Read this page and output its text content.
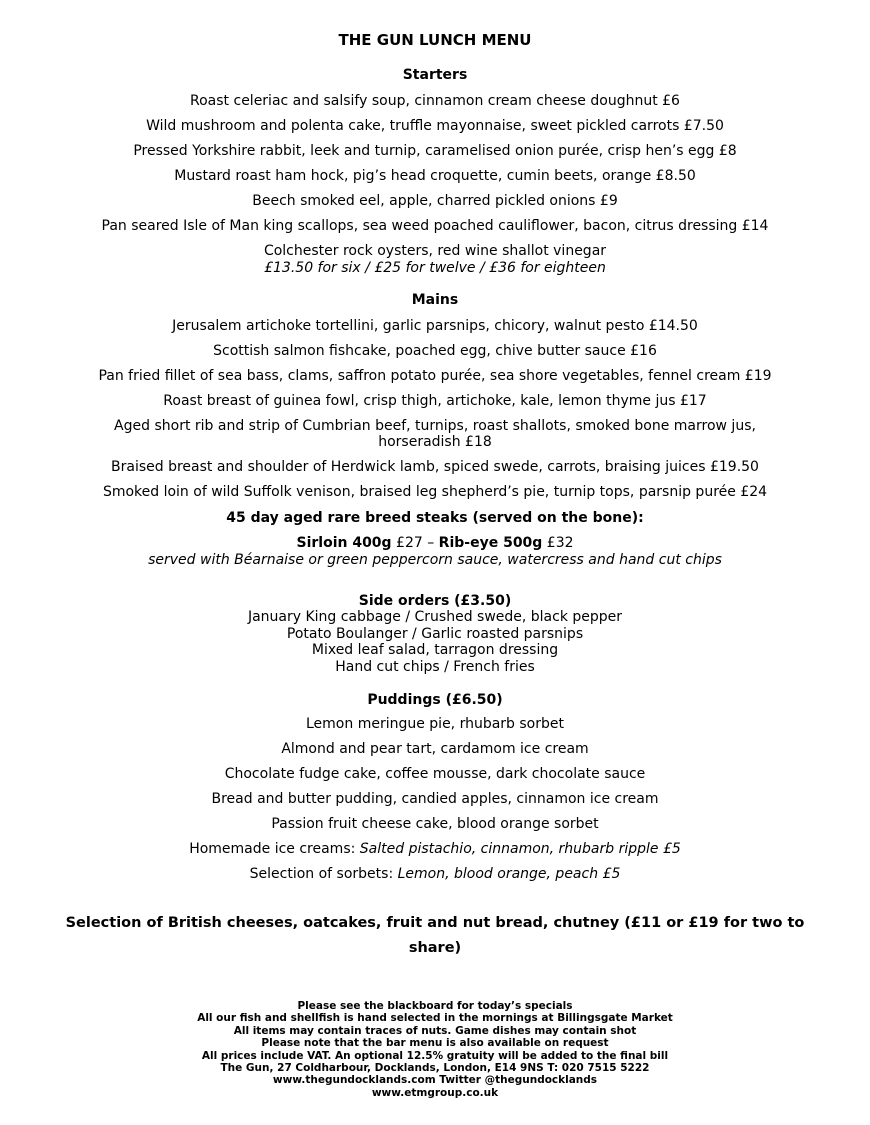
THE GUN LUNCH MENU
Starters
Roast celeriac and salsify soup, cinnamon cream cheese doughnut £6
Wild mushroom and polenta cake, truffle mayonnaise, sweet pickled carrots £7.50
Pressed Yorkshire rabbit, leek and turnip, caramelised onion purée, crisp hen’s egg £8
Mustard roast ham hock, pig’s head croquette, cumin beets, orange £8.50
Beech smoked eel, apple, charred pickled onions £9
Pan seared Isle of Man king scallops, sea weed poached cauliflower, bacon, citrus dressing £14
Colchester rock oysters, red wine shallot vinegar
£13.50 for six / £25 for twelve / £36 for eighteen
Mains
Jerusalem artichoke tortellini, garlic parsnips, chicory, walnut pesto £14.50
Scottish salmon fishcake, poached egg, chive butter sauce £16
Pan fried fillet of sea bass, clams, saffron potato purée, sea shore vegetables, fennel cream £19
Roast breast of guinea fowl, crisp thigh, artichoke, kale, lemon thyme jus £17
Aged short rib and strip of Cumbrian beef, turnips, roast shallots, smoked bone marrow jus,
horseradish £18
Braised breast and shoulder of Herdwick lamb, spiced swede, carrots, braising juices £19.50
Smoked loin of wild Suffolk venison, braised leg shepherd’s pie, turnip tops, parsnip purée £24
45 day aged rare breed steaks (served on the bone):
Sirloin 400g £27 – Rib-eye 500g £32
served with Béarnaise or green peppercorn sauce, watercress and hand cut chips
Side orders (£3.50)
January King cabbage / Crushed swede, black pepper
Potato Boulanger / Garlic roasted parsnips
Mixed leaf salad, tarragon dressing
Hand cut chips / French fries
Puddings (£6.50)
Lemon meringue pie, rhubarb sorbet
Almond and pear tart, cardamom ice cream
Chocolate fudge cake, coffee mousse, dark chocolate sauce
Bread and butter pudding, candied apples, cinnamon ice cream
Passion fruit cheese cake, blood orange sorbet
Homemade ice creams: Salted pistachio, cinnamon, rhubarb ripple £5
Selection of sorbets: Lemon, blood orange, peach £5
Selection of British cheeses, oatcakes, fruit and nut bread, chutney (£11 or £19 for two to share)
Please see the blackboard for today’s specials
All our fish and shellfish is hand selected in the mornings at Billingsgate Market
All items may contain traces of nuts. Game dishes may contain shot
Please note that the bar menu is also available on request
All prices include VAT. An optional 12.5% gratuity will be added to the final bill
The Gun, 27 Coldharbour, Docklands, London, E14 9NS T: 020 7515 5222
www.thegundocklands.com Twitter @thegundocklands
www.etmgroup.co.uk
